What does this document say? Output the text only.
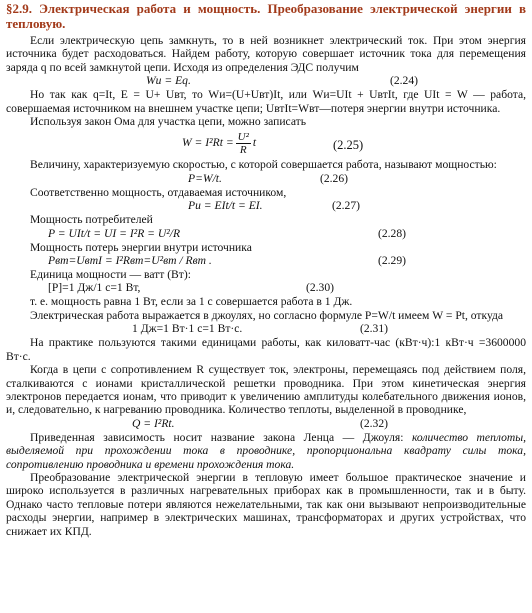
§2.9. Электрическая работа и мощность. Преобразование электрической энергии в тепловую.

Если электрическую цепь замкнуть, то в ней возникнет электрический ток. При этом энергия источника будет расходоваться. Найдем работу, которую совершает источник тока для перемещения заряда q по всей замкнутой цепи. Исходя из определения ЭДС получим

Wи = Eq.	(2.24)

Но так как q=It, E = U+ Uвт, то Wи=(U+Uвт)It, или Wи=UIt + UвтIt, где UIt = W — работа, совершаемая источником на внешнем участке цепи; UвтIt=Wвт—потеря энергии внутри источника.

Используя закон Ома для участка цепи, можно записать

$W = I^2Rt = \frac{\text{U²}}{R}$ t	(2.25)

Величину, характеризуемую скоростью, с которой совершается работа, называют мощностью:

P=W/t.	(2.26)

Соответственно мощность, отдаваемая источником,

Pи = EIt/t = EI.	(2.27)

Мощность потребителей

P = UIt/t = UI = I²R = U²/R	(2.28)

Мощность потерь энергии внутри источника

Pвт=UвтI = I²Rвт=U²вт / Rвт .	(2.29)

Единица мощности — ватт (Вт):

[P]=1 Дж/1 с=1 Вт,	(2.30)

т. е. мощность равна 1 Вт, если за 1 с совершается работа в 1 Дж.

Электрическая работа выражается в джоулях, но согласно формуле P=W/t имеем W = Pt, откуда

1 Дж=1 Вт·1 с=1 Вт·с.	(2.31)

На практике пользуются такими единицами работы, как киловатт-час (кВт·ч):1 кВт·ч =3600000 Вт·с.

Когда в цепи с сопротивлением R существует ток, электроны, перемещаясь под действием поля, сталкиваются с ионами кристаллической решетки проводника. При этом кинетическая энергия электронов передается ионам, что приводит к увеличению амплитуды колебательного движения ионов, и, следовательно, к нагреванию проводника. Количество теплоты, выделенной в проводнике,

Q = I²Rt.	(2.32)

Приведенная зависимость носит название закона Ленца — Джоуля: количество теплоты, выделяемой при прохождении тока в проводнике, пропорциональна квадрату силы тока, сопротивлению проводника и времени прохождения тока.

Преобразование электрической энергии в тепловую имеет большое практическое значение и широко используется в различных нагревательных приборах как в промышленности, так и в быту. Однако часто тепловые потери являются нежелательными, так как они вызывают непроизводительные расходы энергии, например в электрических машинах, трансформаторах и других устройствах, что снижает их КПД.
